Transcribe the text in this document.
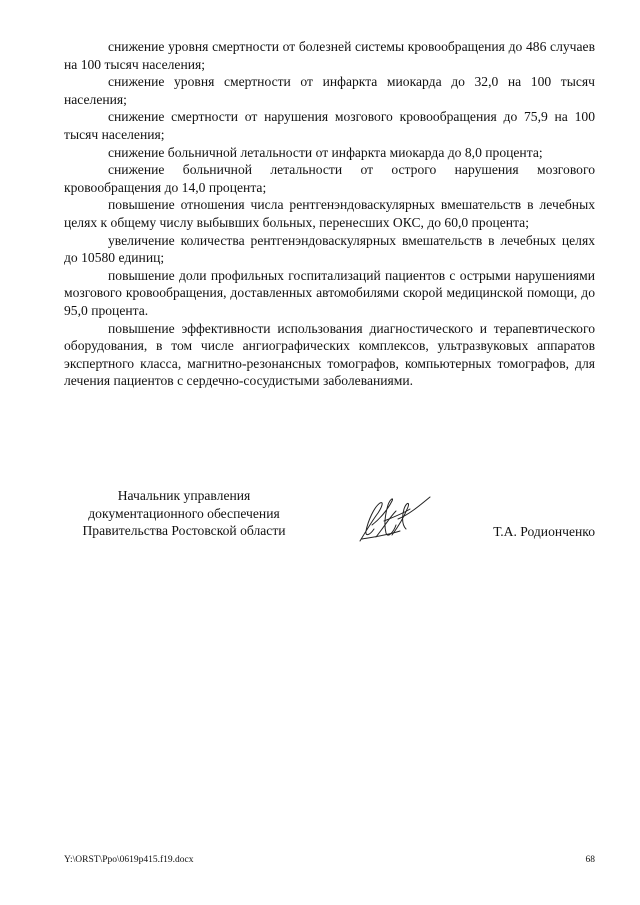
снижение уровня смертности от болезней системы кровообращения до 486 случаев на 100 тысяч населения;

снижение уровня смертности от инфаркта миокарда до 32,0 на 100 тысяч населения;

снижение смертности от нарушения мозгового кровообращения до 75,9 на 100 тысяч населения;

снижение больничной летальности от инфаркта миокарда до 8,0 процента;

снижение больничной летальности от острого нарушения мозгового кровообращения до 14,0 процента;

повышение отношения числа рентгенэндоваскулярных вмешательств в лечебных целях к общему числу выбывших больных, перенесших ОКС, до 60,0 процента;

увеличение количества рентгенэндоваскулярных вмешательств в лечебных целях до 10580 единиц;

повышение доли профильных госпитализаций пациентов с острыми нарушениями мозгового кровообращения, доставленных автомобилями скорой медицинской помощи, до 95,0 процента.

повышение эффективности использования диагностического и терапевтического оборудования, в том числе ангиографических комплексов, ультразвуковых аппаратов экспертного класса, магнитно-резонансных томографов, компьютерных томографов, для лечения пациентов с сердечно-сосудистыми заболеваниями.

Начальник управления
документационного обеспечения
Правительства Ростовской области	Т.А. Родионченко
Y:\ORST\Ppo\0619p415.f19.docx	68
